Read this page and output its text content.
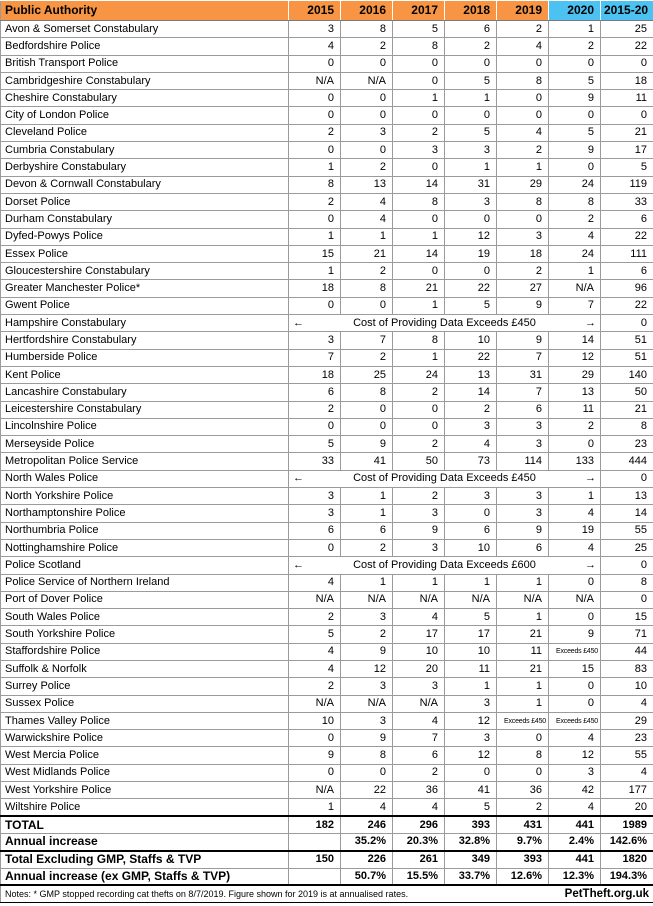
Public Authority	2015	2016	2017	2018	2019	2020	2015-20
Avon & Somerset Constabulary	3	8	5	6	2	1	25
Bedfordshire Police	4	2	8	2	4	2	22
British Transport Police	0	0	0	0	0	0	0
Cambridgeshire Constabulary	N/A	N/A	0	5	8	5	18
Cheshire Constabulary	0	0	1	1	0	9	11
City of London Police	0	0	0	0	0	0	0
Cleveland Police	2	3	2	5	4	5	21
Cumbria Constabulary	0	0	3	3	2	9	17
Derbyshire Constabulary	1	2	0	1	1	0	5
Devon & Cornwall Constabulary	8	13	14	31	29	24	119
Dorset Police	2	4	8	3	8	8	33
Durham Constabulary	0	4	0	0	0	2	6
Dyfed-Powys Police	1	1	1	12	3	4	22
Essex Police	15	21	14	19	18	24	111
Gloucestershire Constabulary	1	2	0	0	2	1	6
Greater Manchester Police*	18	8	21	22	27	N/A	96
Gwent Police	0	0	1	5	9	7	22
Hampshire Constabulary	← Cost of Providing Data Exceeds £450 →						0
Hertfordshire Constabulary	3	7	8	10	9	14	51
Humberside Police	7	2	1	22	7	12	51
Kent Police	18	25	24	13	31	29	140
Lancashire Constabulary	6	8	2	14	7	13	50
Leicestershire Constabulary	2	0	0	2	6	11	21
Lincolnshire Police	0	0	0	3	3	2	8
Merseyside Police	5	9	2	4	3	0	23
Metropolitan Police Service	33	41	50	73	114	133	444
North Wales Police	← Cost of Providing Data Exceeds £450 →						0
North Yorkshire Police	3	1	2	3	3	1	13
Northamptonshire Police	3	1	3	0	3	4	14
Northumbria Police	6	6	9	6	9	19	55
Nottinghamshire Police	0	2	3	10	6	4	25
Police Scotland	← Cost of Providing Data Exceeds £600 →						0
Police Service of Northern Ireland	4	1	1	1	1	0	8
Port of Dover Police	N/A	N/A	N/A	N/A	N/A	N/A	0
South Wales Police	2	3	4	5	1	0	15
South Yorkshire Police	5	2	17	17	21	9	71
Staffordshire Police	4	9	10	10	11	Exceeds £450	44
Suffolk & Norfolk	4	12	20	11	21	15	83
Surrey Police	2	3	3	1	1	0	10
Sussex Police	N/A	N/A	N/A	3	1	0	4
Thames Valley Police	10	3	4	12	Exceeds £450	Exceeds £450	29
Warwickshire Police	0	9	7	3	0	4	23
West Mercia Police	9	8	6	12	8	12	55
West Midlands Police	0	0	2	0	0	3	4
West Yorkshire Police	N/A	22	36	41	36	42	177
Wiltshire Police	1	4	4	5	2	4	20
TOTAL	182	246	296	393	431	441	1989
Annual increase		35.2%	20.3%	32.8%	9.7%	2.4%	142.6%
Total Excluding GMP, Staffs & TVP	150	226	261	349	393	441	1820
Annual increase (ex GMP, Staffs & TVP)		50.7%	15.5%	33.7%	12.6%	12.3%	194.3%

Notes: * GMP stopped recording cat thefts on 8/7/2019. Figure shown for 2019 is at annualised rates. PetTheft.org.uk							
